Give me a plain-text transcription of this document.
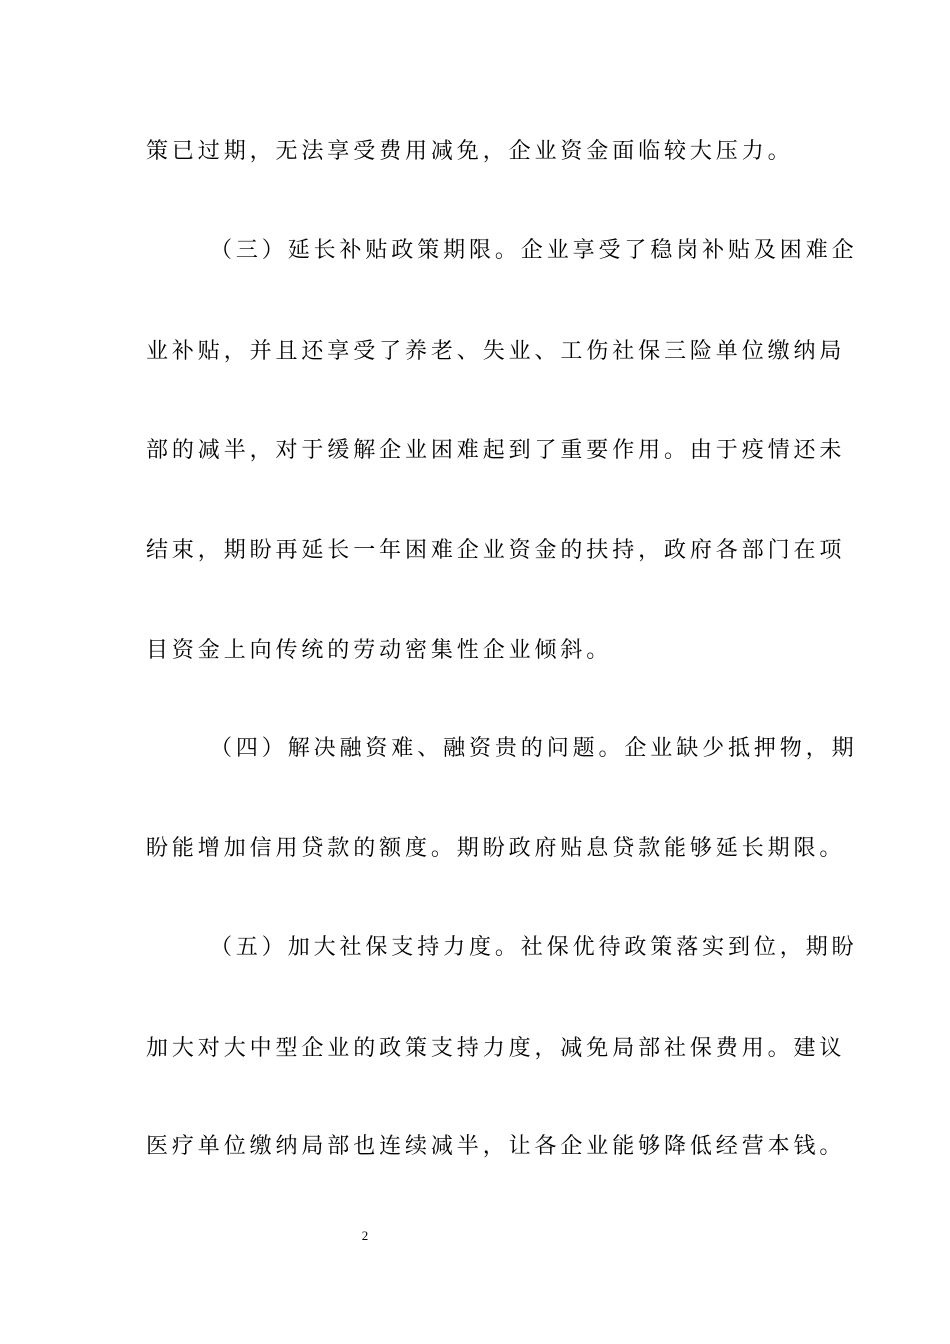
策已过期，无法享受费用减免，企业资金面临较大压力。
（三）延长补贴政策期限。企业享受了稳岗补贴及困难企
业补贴，并且还享受了养老、失业、工伤社保三险单位缴纳局
部的减半，对于缓解企业困难起到了重要作用。由于疫情还未
结束，期盼再延长一年困难企业资金的扶持，政府各部门在项
目资金上向传统的劳动密集性企业倾斜。
（四）解决融资难、融资贵的问题。企业缺少抵押物，期
盼能增加信用贷款的额度。期盼政府贴息贷款能够延长期限。
（五）加大社保支持力度。社保优待政策落实到位，期盼
加大对大中型企业的政策支持力度，减免局部社保费用。建议
医疗单位缴纳局部也连续减半，让各企业能够降低经营本钱。
2
